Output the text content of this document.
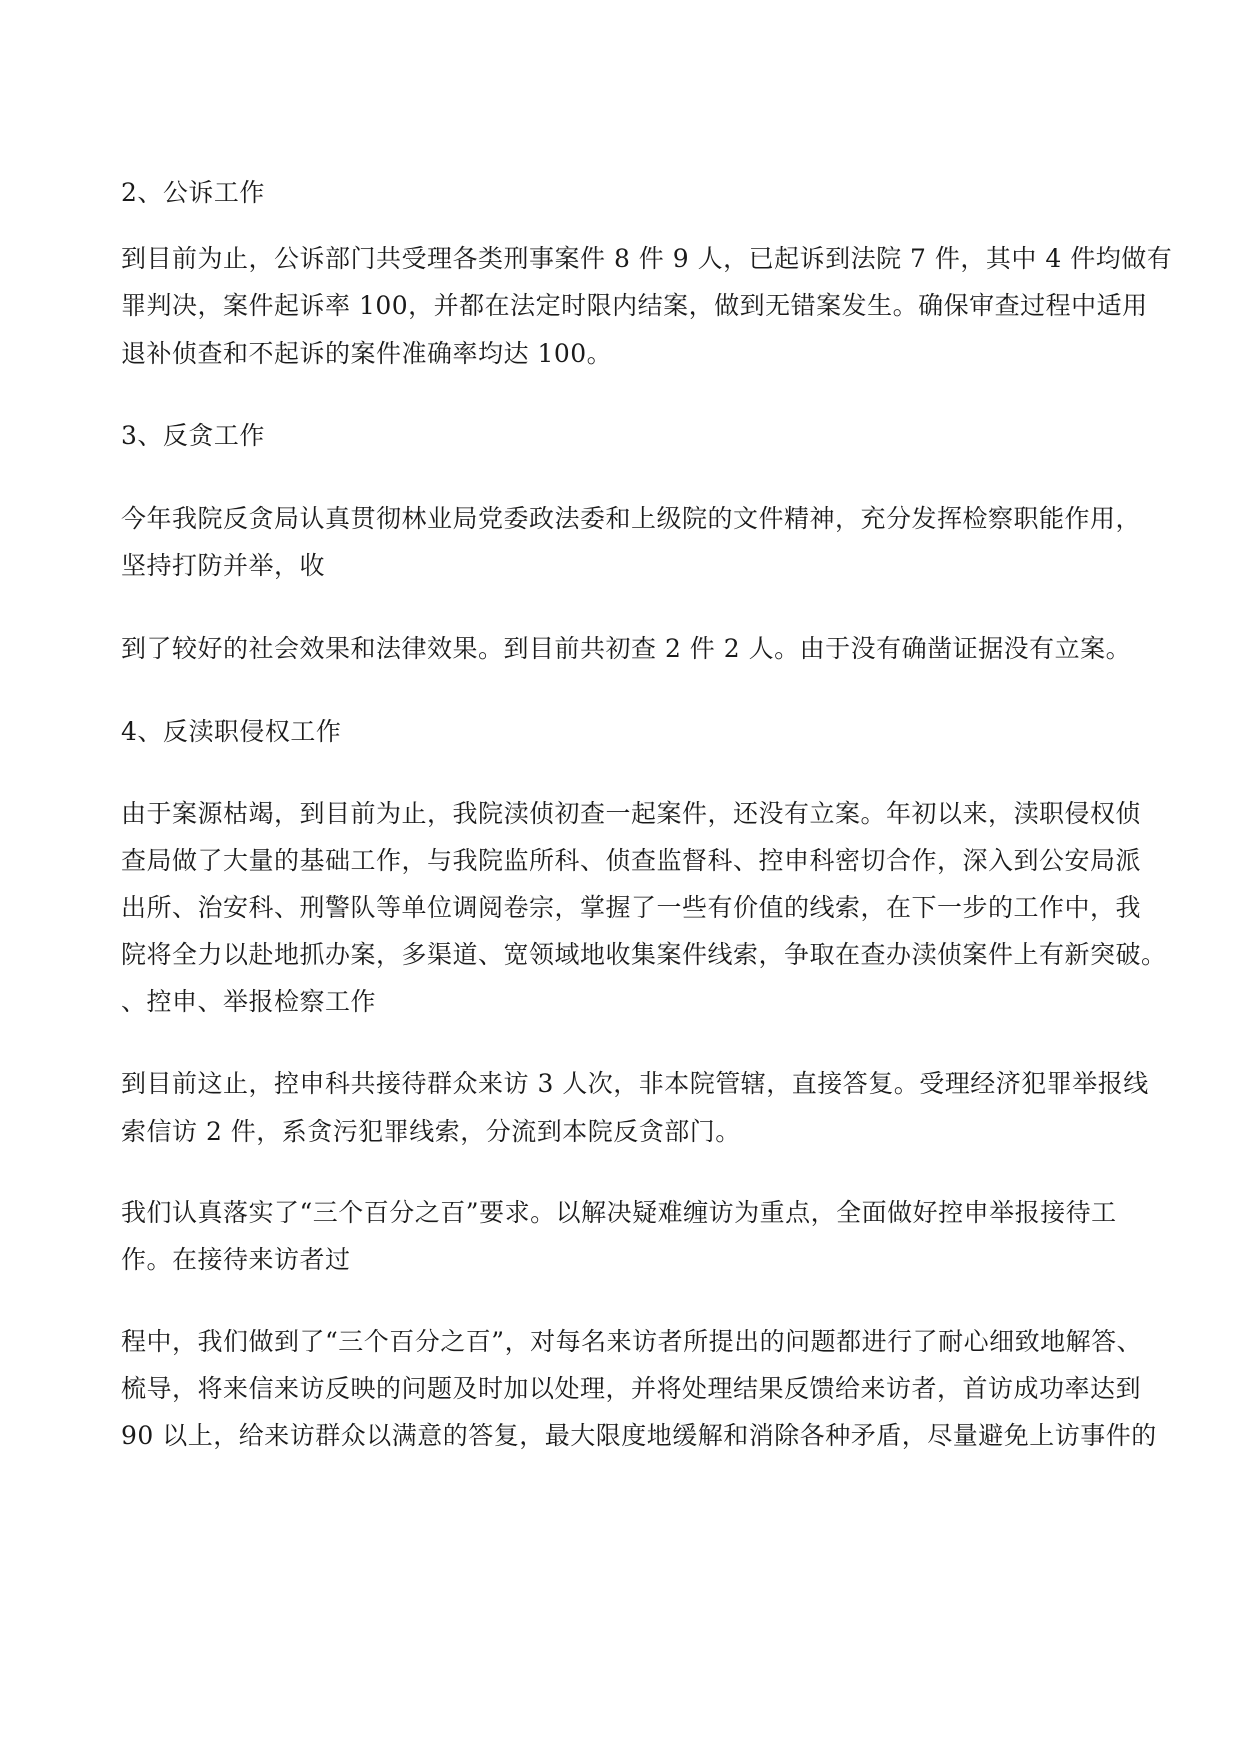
2、公诉工作
到目前为止，公诉部门共受理各类刑事案件 8 件 9 人，已起诉到法院 7 件，其中 4 件均做有
罪判决，案件起诉率 100，并都在法定时限内结案，做到无错案发生。确保审查过程中适用
退补侦查和不起诉的案件准确率均达 100。
3、反贪工作
今年我院反贪局认真贯彻林业局党委政法委和上级院的文件精神，充分发挥检察职能作用，
坚持打防并举，收
到了较好的社会效果和法律效果。到目前共初查 2 件 2 人。由于没有确凿证据没有立案。
4、反渎职侵权工作
由于案源枯竭，到目前为止，我院渎侦初查一起案件，还没有立案。年初以来，渎职侵权侦
查局做了大量的基础工作，与我院监所科、侦查监督科、控申科密切合作，深入到公安局派
出所、治安科、刑警队等单位调阅卷宗，掌握了一些有价值的线索，在下一步的工作中，我
院将全力以赴地抓办案，多渠道、宽领域地收集案件线索，争取在查办渎侦案件上有新突破。
、控申、举报检察工作
到目前这止，控申科共接待群众来访 3 人次，非本院管辖，直接答复。受理经济犯罪举报线
索信访 2 件，系贪污犯罪线索，分流到本院反贪部门。
我们认真落实了“三个百分之百”要求。以解决疑难缠访为重点，全面做好控申举报接待工
作。在接待来访者过
程中，我们做到了“三个百分之百”，对每名来访者所提出的问题都进行了耐心细致地解答、
梳导，将来信来访反映的问题及时加以处理，并将处理结果反馈给来访者，首访成功率达到
90 以上，给来访群众以满意的答复，最大限度地缓解和消除各种矛盾，尽量避免上访事件的
